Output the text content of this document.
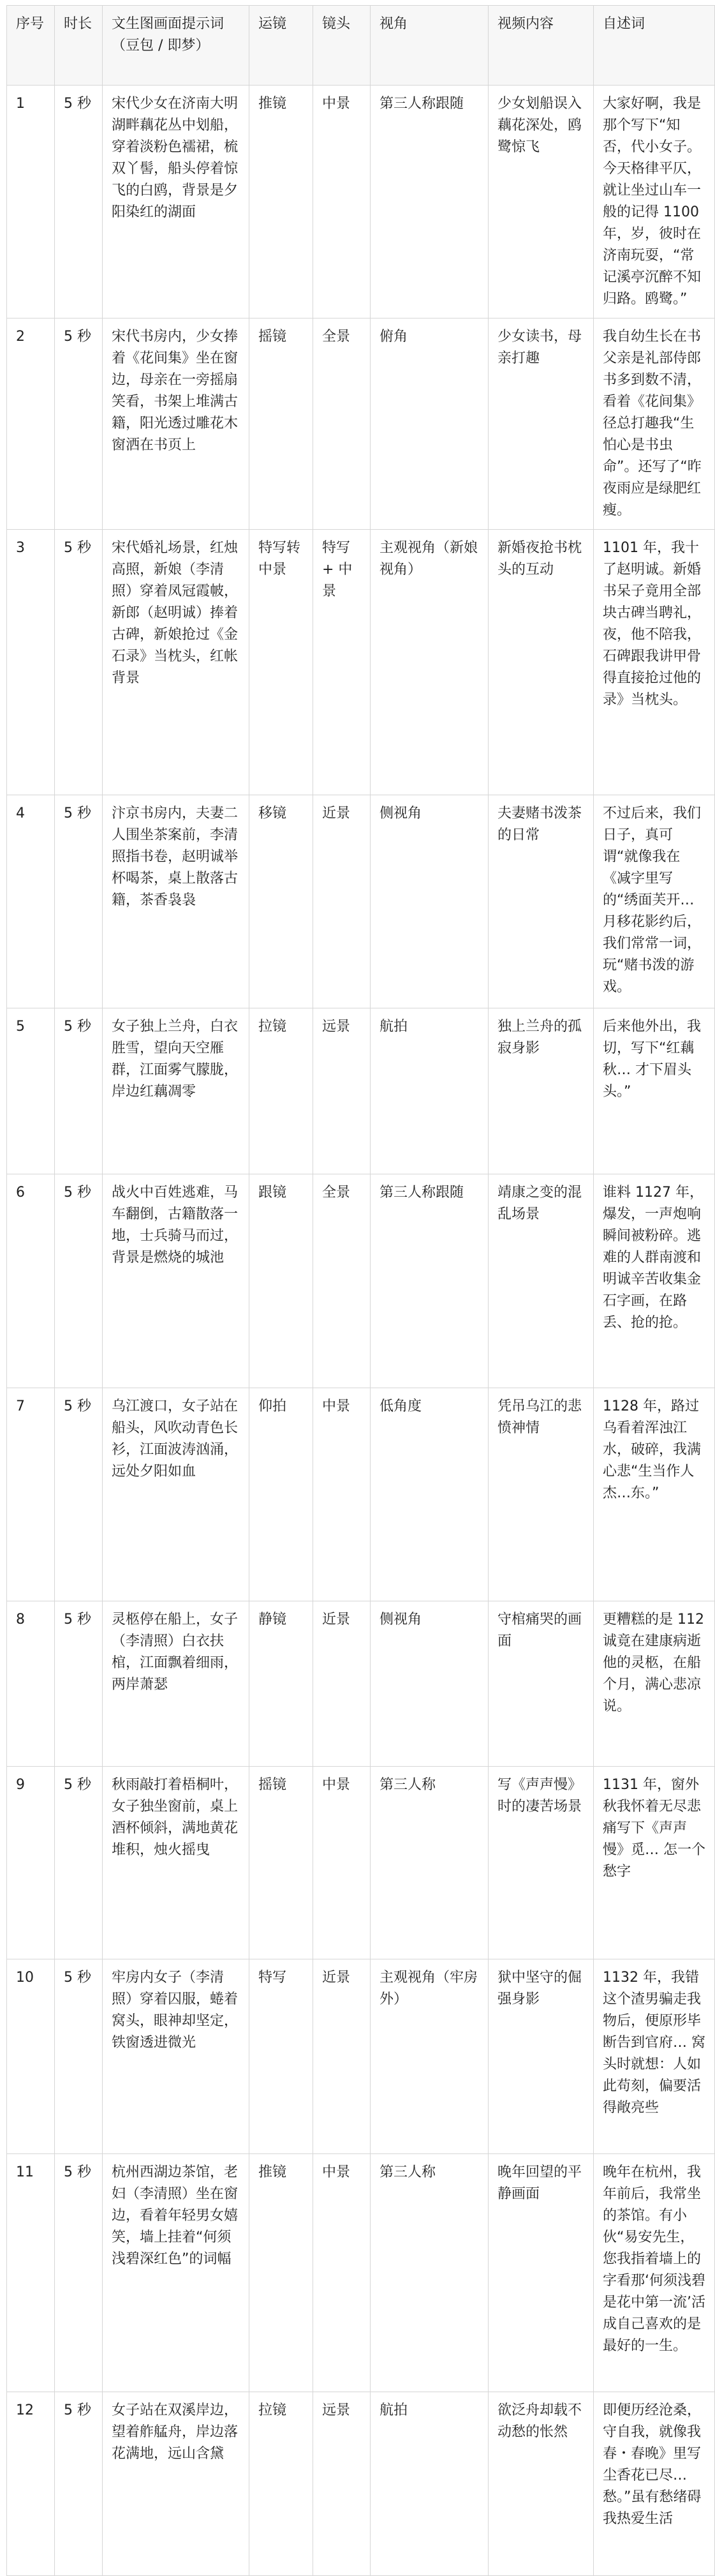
序号	时长	文生图画面提示词（豆包 / 即梦）	运镜	镜头	视角	视频内容	自述词
1	5 秒	宋代少女在济南大明湖畔藕花丛中划船，穿着淡粉色襦裙，梳双丫髻，船头停着惊飞的白鸥，背景是夕阳染红的湖面	推镜	中景	第三人称跟随	少女划船误入藕花深处，鸥鹭惊飞	大家好啊，我是那个写下“知否，代小女子。今天格律平仄，就让坐过山车一般的记得 1100 年，岁，彼时在济南玩耍，“常记溪亭沉醉不知归路。鸥鹭。”
2	5 秒	宋代书房内，少女捧着《花间集》坐在窗边，母亲在一旁摇扇笑看，书架上堆满古籍，阳光透过雕花木窗洒在书页上	摇镜	全景	俯角	少女读书，母亲打趣	我自幼生长在书父亲是礼部侍郎书多到数不清，看着《花间集》径总打趣我“生怕心是书虫命”。还写了“昨夜雨应是绿肥红瘦。
3	5 秒	宋代婚礼场景，红烛高照，新娘（李清照）穿着凤冠霞帔，新郎（赵明诚）捧着古碑，新娘抢过《金石录》当枕头，红帐背景	特写转中景	特写 + 中景	主观视角（新娘视角）	新婚夜抢书枕头的互动	1101 年，我十了赵明诚。新婚书呆子竟用全部块古碑当聘礼，夜，他不陪我，石碑跟我讲甲骨得直接抢过他的录》当枕头。
4	5 秒	汴京书房内，夫妻二人围坐茶案前，李清照指书卷，赵明诚举杯喝茶，桌上散落古籍，茶香袅袅	移镜	近景	侧视角	夫妻赌书泼茶的日常	不过后来，我们日子，真可谓“就像我在《减字里写的“绣面芙开… 月移花影约后，我们常常一词，玩“赌书泼的游戏。
5	5 秒	女子独上兰舟，白衣胜雪，望向天空雁群，江面雾气朦胧，岸边红藕凋零	拉镜	远景	航拍	独上兰舟的孤寂身影	后来他外出，我切，写下“红藕秋… 才下眉头头。”
6	5 秒	战火中百姓逃难，马车翻倒，古籍散落一地，士兵骑马而过，背景是燃烧的城池	跟镜	全景	第三人称跟随	靖康之变的混乱场景	谁料 1127 年，爆发，一声炮响瞬间被粉碎。逃难的人群南渡和明诚辛苦收集金石字画，在路丢、抢的抢。
7	5 秒	乌江渡口，女子站在船头，风吹动青色长衫，江面波涛汹涌，远处夕阳如血	仰拍	中景	低角度	凭吊乌江的悲愤神情	1128 年，路过乌看着浑浊江水，破碎，我满心悲“生当作人杰…东。”
8	5 秒	灵柩停在船上，女子（李清照）白衣扶棺，江面飘着细雨，两岸萧瑟	静镜	近景	侧视角	守棺痛哭的画面	更糟糕的是 112诚竟在建康病逝他的灵柩，在船个月，满心悲凉说。
9	5 秒	秋雨敲打着梧桐叶，女子独坐窗前，桌上酒杯倾斜，满地黄花堆积，烛火摇曳	摇镜	中景	第三人称	写《声声慢》时的凄苦场景	1131 年，窗外秋我怀着无尽悲痛写下《声声慢》觅… 怎一个愁字
10	5 秒	牢房内女子（李清照）穿着囚服，蜷着窝头，眼神却坚定，铁窗透进微光	特写	近景	主观视角（牢房外）	狱中坚守的倔强身影	1132 年，我错这个渣男骗走我物后，便原形毕断告到官府… 窝头时就想：人如此苟刻，偏要活得敞亮些
11	5 秒	杭州西湖边茶馆，老妇（李清照）坐在窗边，看着年轻男女嬉笑，墙上挂着“何须浅碧深红色”的词幅	推镜	中景	第三人称	晚年回望的平静画面	晚年在杭州，我年前后，我常坐的茶馆。有小伙“易安先生，您我指着墙上的字看那‘何须浅碧是花中第一流’活成自己喜欢的是最好的一生。
12	5 秒	女子站在双溪岸边，望着舴艋舟，岸边落花满地，远山含黛	拉镜	远景	航拍	欲泛舟却载不动愁的怅然	即便历经沧桑，守自我，就像我春・春晚》里写尘香花已尽… 愁。”虽有愁绪碍我热爱生活
